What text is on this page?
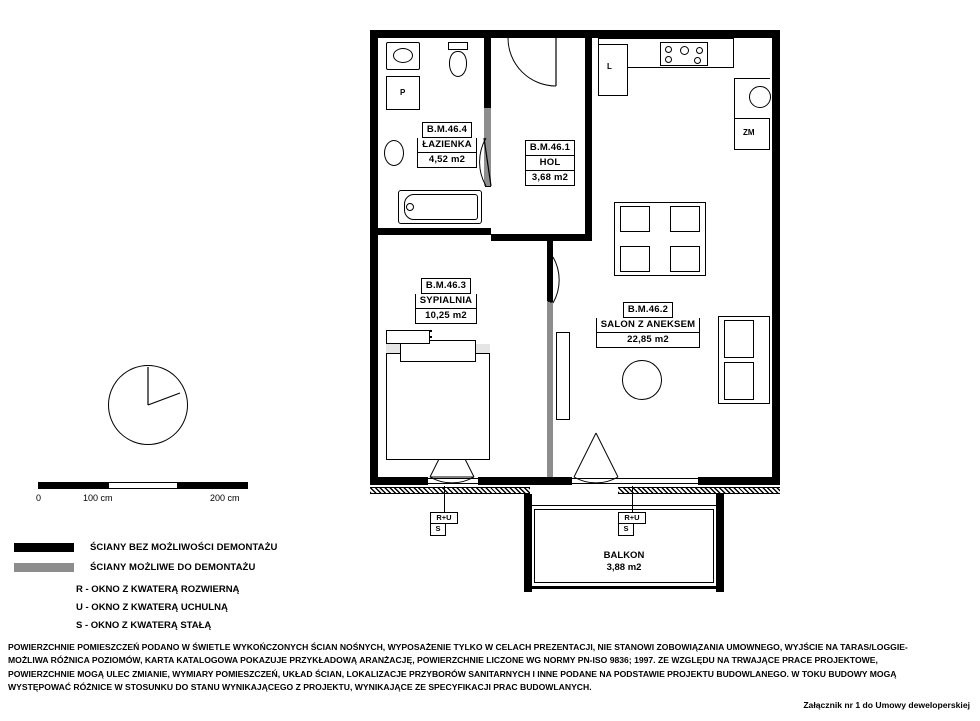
P
L
ZM
B.M.46.4
ŁAZIENKA
4,52 m2
B.M.46.1
HOL
3,68 m2
B.M.46.3
SYPIALNIA
10,25 m2
B.M.46.2
SALON Z ANEKSEM
22,85 m2
BALKON
3,88 m2
R+U
S
R+U
S
0	100 cm	200 cm
ŚCIANY BEZ MOŻLIWOŚCI DEMONTAŻU
ŚCIANY MOŻLIWE DO DEMONTAŻU
R - OKNO Z KWATERĄ ROZWIERNĄ
U - OKNO Z KWATERĄ UCHULNĄ
S - OKNO Z KWATERĄ STAŁĄ
POWIERZCHNIE POMIESZCZEŃ PODANO W ŚWIETLE WYKOŃCZONYCH ŚCIAN NOŚNYCH, WYPOSAŻENIE TYLKO W CELACH PREZENTACJI, NIE STANOWI ZOBOWIĄZANIA UMOWNEGO, WYJŚCIE NA TARAS/LOGGIE-
MOŻLIWA RÓŻNICA POZIOMÓW, KARTA KATALOGOWA POKAZUJE PRZYKŁADOWĄ ARANŻACJĘ, POWIERZCHNIE LICZONE WG NORMY PN-ISO 9836; 1997. ZE WZGLĘDU NA TRWAJĄCE PRACE PROJEKTOWE,
POWIERZCHNIE MOGĄ ULEC ZMIANIE, WYMIARY POMIESZCZEŃ, UKŁAD ŚCIAN, LOKALIZACJE PRZYBORÓW SANITARNYCH I INNE PODANE NA PODSTAWIE PROJEKTU BUDOWLANEGO. W TOKU BUDOWY MOGĄ
WYSTĘPOWAĆ RÓŻNICE W STOSUNKU DO STANU WYNIKAJĄCEGO Z PROJEKTU, WYNIKAJĄCE ZE SPECYFIKACJI PRAC BUDOWLANYCH.
Załącznik nr 1 do Umowy deweloperskiej
